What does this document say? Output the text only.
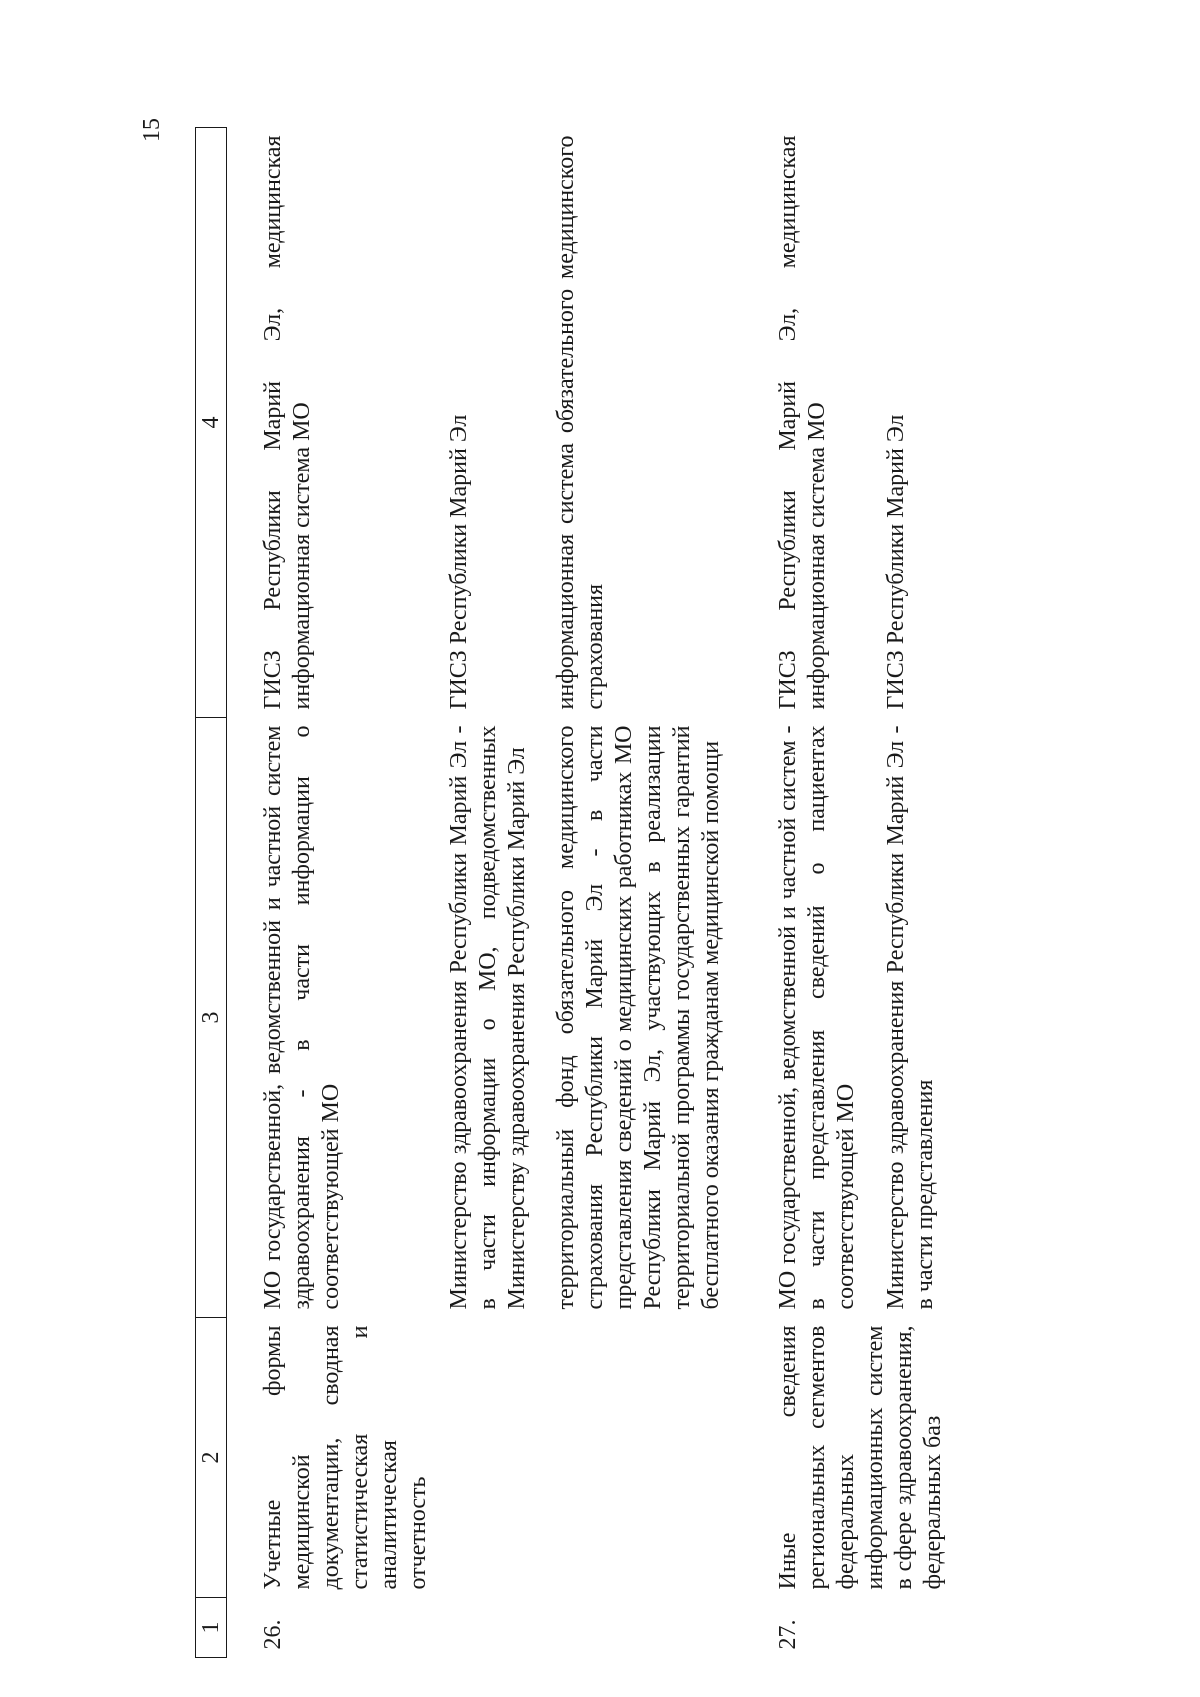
15
1	2	3	4

26.	Учетные формы медицинской документации, сводная статистическая и аналитическая отчетность	МО государственной, ведомственной и частной систем здравоохранения - в части информации о соответствующей МО	ГИСЗ Республики Марий Эл, медицинская информационная система МО

		Министерство здравоохранения Республики Марий Эл - в части информации о МО, подведомственных Министерству здравоохранения Республики Марий Эл	ГИСЗ Республики Марий Эл

		территориальный фонд обязательного медицинского страхования Республики Марий Эл - в части представления сведений о медицинских работниках МО Республики Марий Эл, участвующих в реализации территориальной программы государственных гарантий бесплатного оказания гражданам медицинской помощи	информационная система обязательного медицинского страхования

27.	Иные сведения региональных сегментов федеральных информационных систем в сфере здравоохранения, федеральных баз	МО государственной, ведомственной и частной систем - в части представления сведений о пациентах соответствующей МО	ГИСЗ Республики Марий Эл, медицинская информационная система МО

		Министерство здравоохранения Республики Марий Эл - в части представления	ГИСЗ Республики Марий Эл
